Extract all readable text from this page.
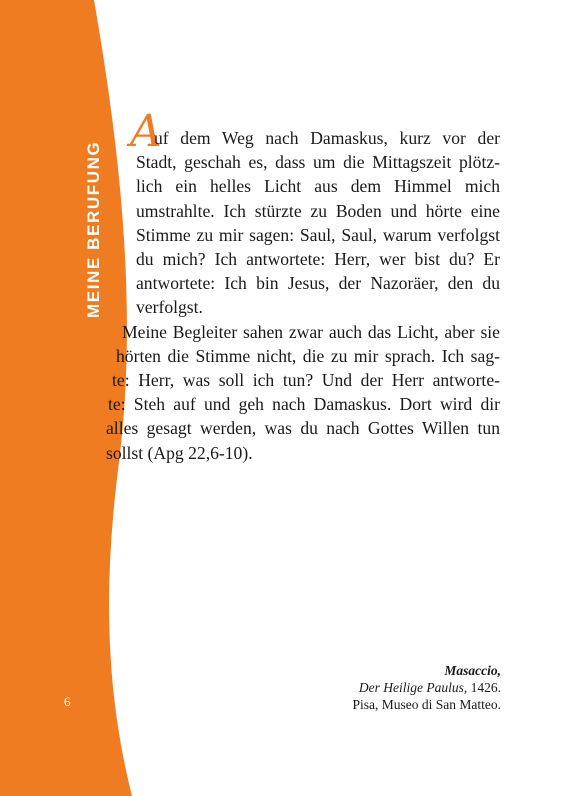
MEINE BERUFUNG
6
A
uf dem Weg nach Damaskus, kurz vor der
Stadt, geschah es, dass um die Mittagszeit plötz-
lich ein helles Licht aus dem Himmel mich
umstrahlte. Ich stürzte zu Boden und hörte eine
Stimme zu mir sagen: Saul, Saul, warum verfolgst
du mich? Ich antwortete: Herr, wer bist du? Er
antwortete: Ich bin Jesus, der Nazoräer, den du
verfolgst.
Meine Begleiter sahen zwar auch das Licht, aber sie
hörten die Stimme nicht, die zu mir sprach. Ich sag-
te: Herr, was soll ich tun? Und der Herr antworte-
te: Steh auf und geh nach Damaskus. Dort wird dir
alles gesagt werden, was du nach Gottes Willen tun
sollst (Apg 22,6-10).
Masaccio,
Der Heilige Paulus, 1426.
Pisa, Museo di San Matteo.
